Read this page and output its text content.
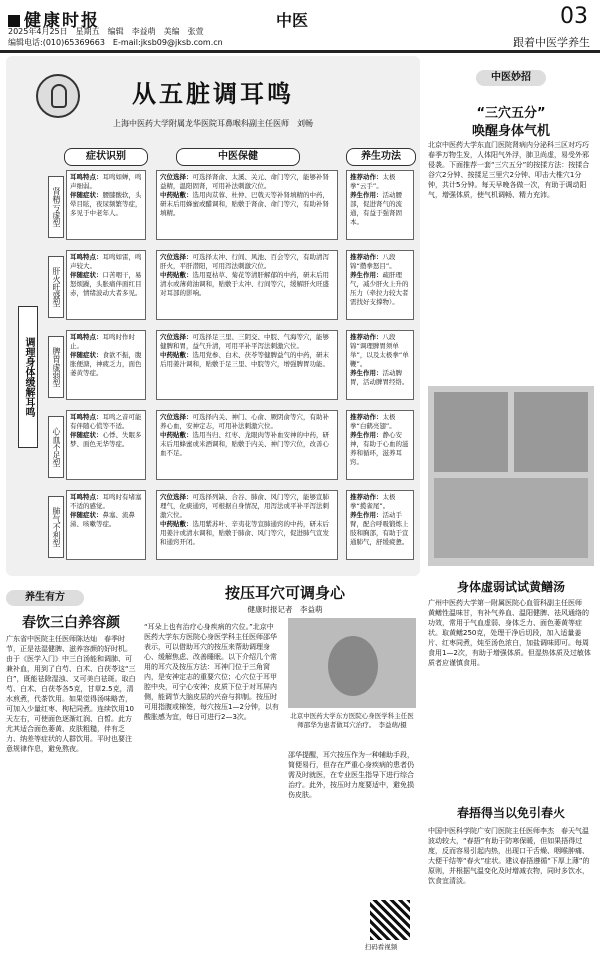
健康时报
2025年4月25日　星期五　编辑　李益萌　美编　张萱
编辑电话:(010)65369663　E-mail:jksb09@jksb.com.cn
中医	03
跟着中医学养生
从五脏调耳鸣
上海中医药大学附属龙华医院耳鼻喉科副主任医师　刘畅
症状识别	中医保健	养生功法
调理身体缓解耳鸣
肾精亏虚型
耳鸣特点：耳鸣如蝉，鸣声细弱。
伴随症状：腰膝酸软，头晕目眩，夜尿频繁等症，多见于中老年人。
穴位选择：可选择肾俞、太溪、关元、命门等穴，能够补肾益精，温阳固肾，可用补法刺激穴位。
中药贴敷：选用肉苁蓉、杜仲、巴戟天等补肾填精的中药，研末后用蜂蜜或醋调和，贴敷于肾俞、命门等穴，有助补肾填精。
推荐动作：太极拳“云手”。
养生作用：活动腰部，促进肾气的流通，有益于强肾固本。
肝火旺盛型
耳鸣特点：耳鸣如雷，鸣声较大。
伴随症状：口苦咽干，易怒烦躁，头胀痛伴面红目赤，情绪波动大者多见。
穴位选择：可选择太冲、行间、风池、百会等穴，有助清泻肝火，平肝潜阳，可用泻法刺激穴位。
中药贴敷：选用夏枯草、菊花等清肝解郁的中药，研末后用清水或薄荷油调和，贴敷于太冲、行间等穴，缓解肝火旺盛对耳部的影响。
推荐动作：八段锦“攒拳怒目”。
养生作用：疏肝理气，减少肝火上升的压力（牵拉力较大者需找好支撑物）。
脾胃虚弱型
耳鸣特点：耳鸣时作时止。
伴随症状：食欲不振，腹胀便溏，神疲乏力，面色萎黄等症。
穴位选择：可选择足三里、三阴交、中脘、气海等穴，能够健脾和胃，益气升清，可用平补平泻法刺激穴位。
中药贴敷：选用党参、白术、茯苓等健脾益气的中药，研末后用姜汁调和，贴敷于足三里、中脘等穴，增强脾胃功能。
推荐动作：八段锦“调理脾胃须单举”，以及太极拳“单鞭”。
养生作用：活动脾胃，活动脾胃经络。
心血不足型
耳鸣特点：耳鸣之音可能有伴随心慌等不适。
伴随症状：心悸、失眠多梦、面色无华等症。
穴位选择：可选择内关、神门、心俞、厥阴俞等穴，有助补养心血，安神定志，可用补法刺激穴位。
中药贴敷：选用当归、红枣、龙眼肉等补血安神的中药，研末后用蜂蜜或米酒调和，贴敷于内关、神门等穴位，改善心血不足。
推荐动作：太极拳“白鹤亮翅”。
养生作用：静心安神，有助于心血的滋养和循环，滋养耳窍。
肺气不利型
耳鸣特点：耳鸣时有堵塞不适的感觉。
伴随症状：鼻塞、流鼻涕、咳嗽等症。
穴位选择：可选择列缺、合谷、肺俞、风门等穴，能够宣肺理气，化痰通窍，可根据自身情况，用泻法或平补平泻法刺激穴位。
中药贴敷：选用紫苏叶、辛夷花等宣肺通窍的中药，研末后用姜汁或清水调和，贴敷于肺俞、风门等穴，促进肺气宣发和通窍开闭。
推荐动作：太极拳“揽雀尾”。
养生作用：活动手臂，配合呼吸锻炼上肢和胸部，有助于宣通肺气，舒缓疲惫。
养生有方
春饮三白养容颜
广东省中医院主任医师陈达灿　春季时节，正是祛湿健脾、滋养容颜的好时机。由于《医学入门》中三白汤能和调肺、可兼补血，用到了白芍、白术、白茯苓这“三白”，既能祛除湿浊、又可美白祛斑。取白芍、白术、白茯苓各5克，甘草2.5克，清水煎煮，代茶饮用。如果觉得汤味略苦，可加入少量红枣、枸杞同煮。连续饮用10天左右，可使面色逐渐红润、白皙。此方尤其适合面色萎黄、皮肤粗糙，伴有乏力、纳差等症状的人群饮用。平时也要注意规律作息，避免熬夜。
按压耳穴可调身心
健康时报记者　李益萌
“耳朵上也有治疗心身疾病的穴位。”北京中医药大学东方医院心身医学科主任医师邵华表示，可以借助耳穴的按压来帮助调理身心、缓解焦虑、改善睡眠。以下介绍几个常用的耳穴及按压方法：耳神门位于三角窝内，是安神定志的重要穴位；心穴位于耳甲腔中央，可宁心安神；皮质下位于对耳屏内侧，能调节大脑皮层的兴奋与抑制。按压时可用指腹或棉签，每穴按压1—2分钟，以有酸胀感为宜，每日可进行2—3次。	北京中医药大学东方医院心身医学科主任医师邵华为患者做耳穴治疗。　李益萌/摄
邵华提醒，耳穴按压作为一种辅助手段，简便易行，但存在严重心身疾病的患者仍需及时就医，在专业医生指导下进行综合治疗。此外，按压时力度要适中，避免损伤皮肤。
扫码看视频
中医妙招
“三穴五分”
唤醒身体气机
北京中医药大学东直门医院肾病内分泌科三区对巧巧　春季万物生发，人体阳气外浮，肺卫尚虚，易受外邪侵袭。下面推荐一套“三穴五分”的按揉方法：按揉合谷穴2分钟、按揉足三里穴2分钟、叩击大椎穴1分钟，共计5分钟。每天早晚各做一次，有助于调动阳气，增强体质，使气机调畅、精力充沛。
受访者供图
身体虚弱试试黄鳝汤
广州中医药大学第一附属医院心血管科副主任医师　黄鳝性温味甘，有补气养血、温阳健脾、祛风通络的功效，常用于气血虚弱、身体乏力、面色萎黄等症状。取黄鳝250克，处理干净后切段，加入适量姜片、红枣同煮，炖至汤色浓白，加盐调味即可。每周食用1—2次，有助于增强体质。但湿热体质及过敏体质者应谨慎食用。
春捂得当以免引春火
中国中医科学院广安门医院主任医师李杰　春天气温波动较大，“春捂”有助于防寒保暖，但如果捂得过度，反而容易引起内热，出现口干舌燥、咽喉肿痛、大便干结等“春火”症状。建议春捂遵循“下厚上薄”的原则，并根据气温变化及时增减衣物，同时多饮水，饮食宜清淡。
